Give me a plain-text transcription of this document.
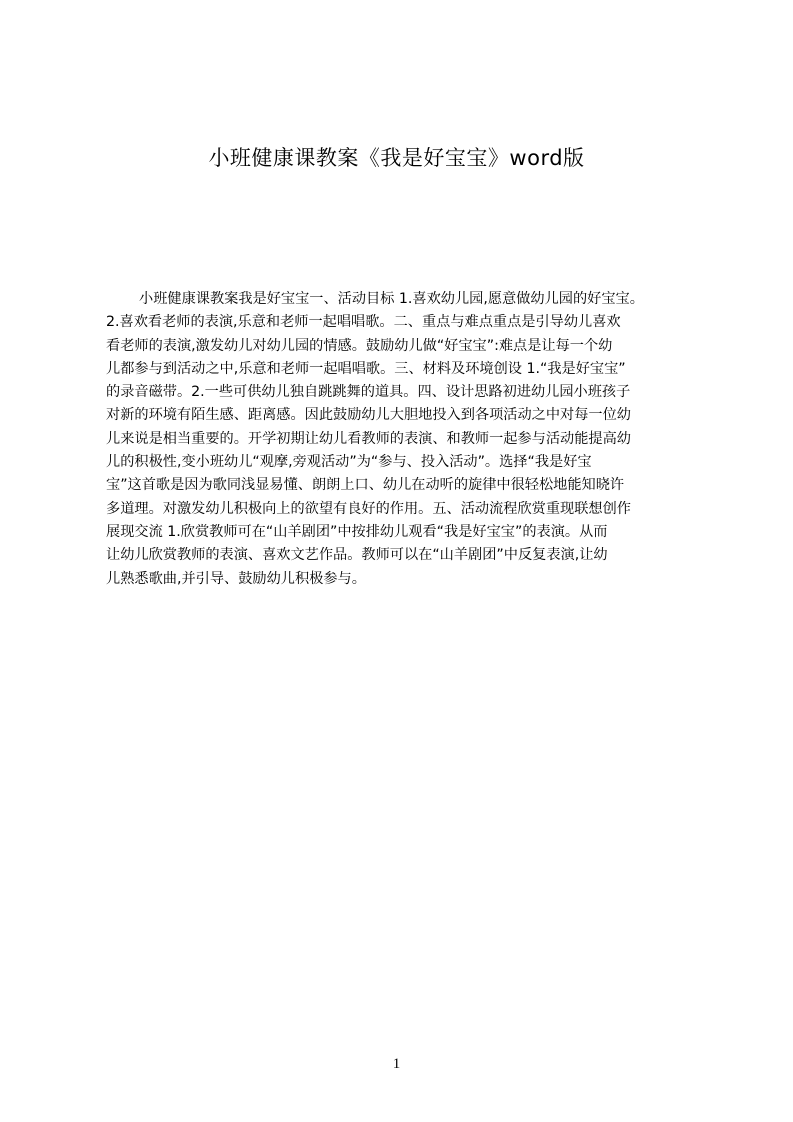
小班健康课教案《我是好宝宝》word版
小班健康课教案我是好宝宝一、活动目标 1.喜欢幼儿园,愿意做幼儿园的好宝宝。
2.喜欢看老师的表演,乐意和老师一起唱唱歌。二、重点与难点重点是引导幼儿喜欢
看老师的表演,激发幼儿对幼儿园的情感。鼓励幼儿做“好宝宝”:难点是让每一个幼
儿都参与到活动之中,乐意和老师一起唱唱歌。三、材料及环境创设 1.“我是好宝宝”
的录音磁带。2.一些可供幼儿独自跳跳舞的道具。四、设计思路初进幼儿园小班孩子
对新的环境有陌生感、距离感。因此鼓励幼儿大胆地投入到各项活动之中对每一位幼
儿来说是相当重要的。开学初期让幼儿看教师的表演、和教师一起参与活动能提高幼
儿的积极性,变小班幼儿“观摩,旁观活动”为“参与、投入活动”。选择“我是好宝
宝”这首歌是因为歌同浅显易懂、朗朗上口、幼儿在动听的旋律中很轻松地能知晓许
多道理。对激发幼儿积极向上的欲望有良好的作用。五、活动流程欣赏重现联想创作
展现交流 1.欣赏教师可在“山羊剧团”中按排幼儿观看“我是好宝宝”的表演。从而
让幼儿欣赏教师的表演、喜欢文艺作品。教师可以在“山羊剧团”中反复表演,让幼
儿熟悉歌曲,并引导、鼓励幼儿积极参与。
1
